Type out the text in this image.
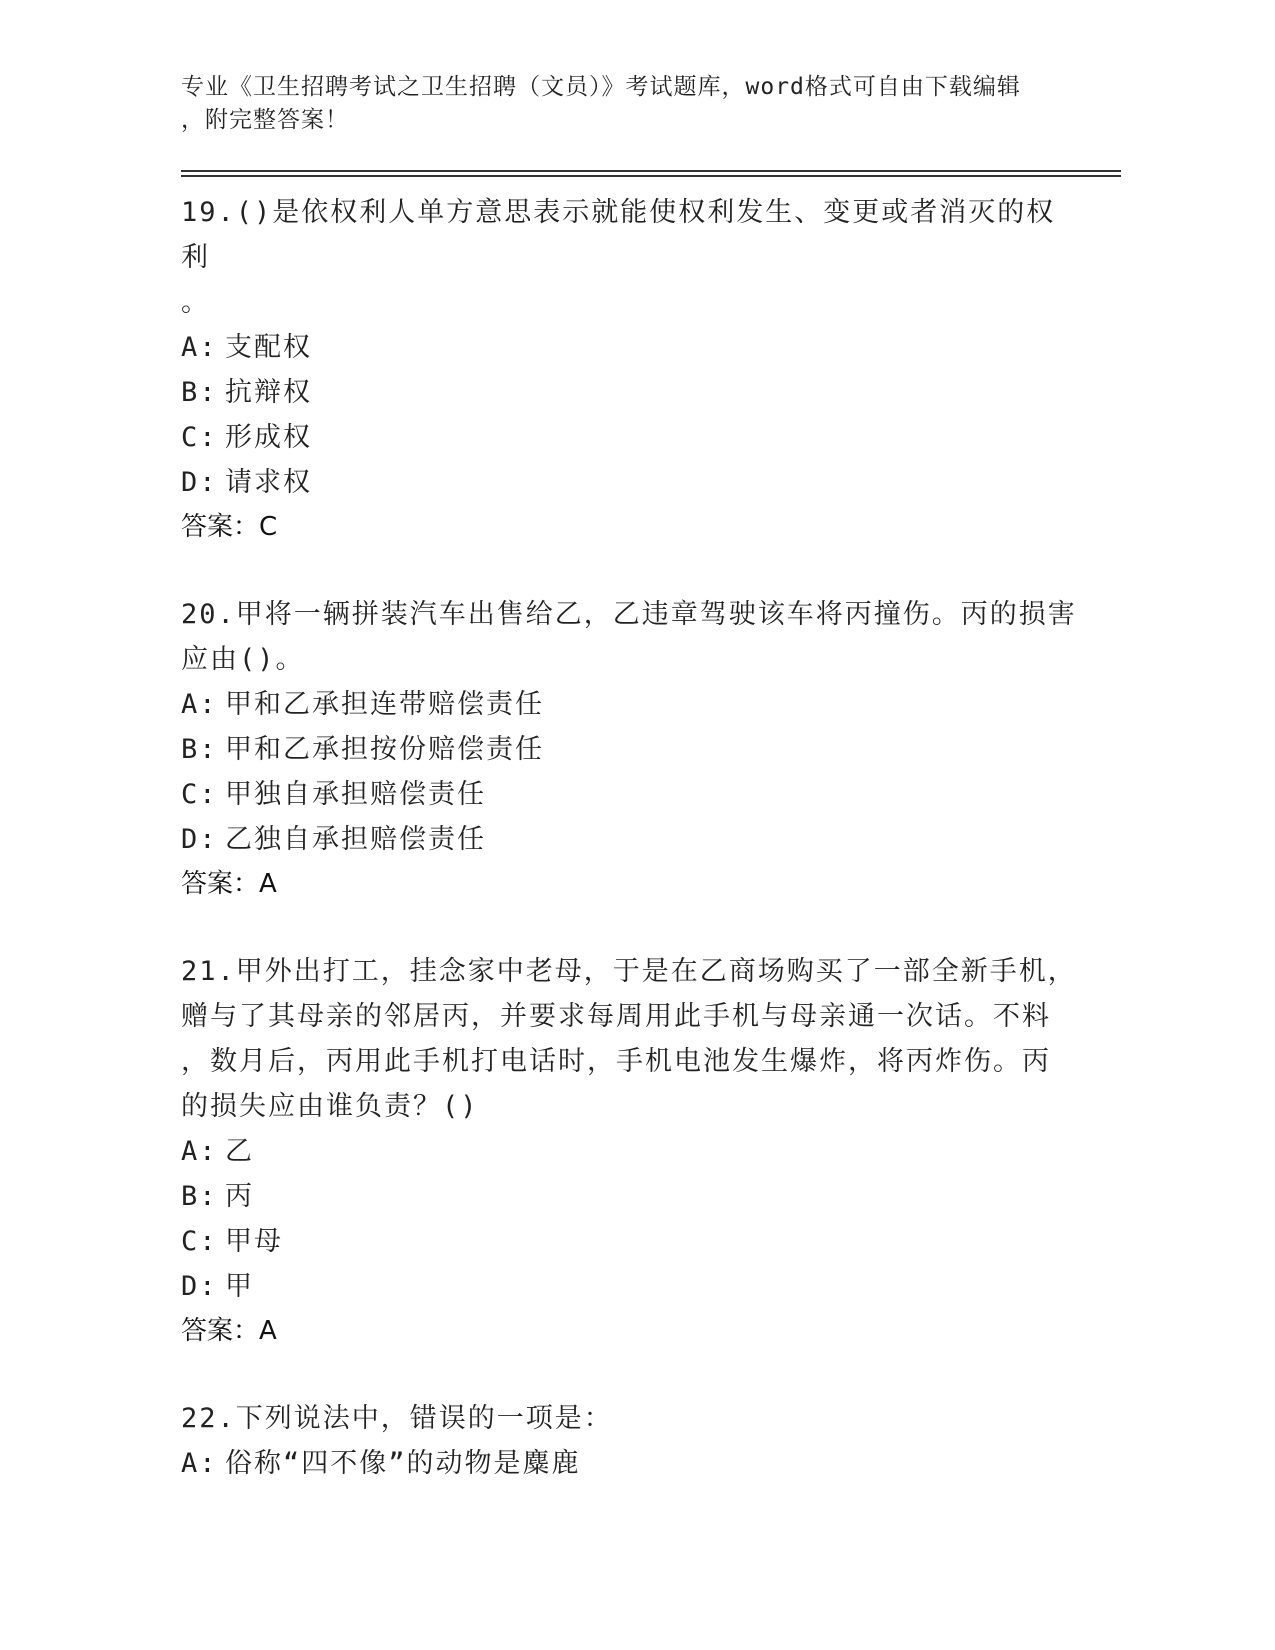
专业《卫生招聘考试之卫生招聘（文员）》考试题库，word格式可自由下载编辑
，附完整答案！

19.()是依权利人单方意思表示就能使权利发生、变更或者消灭的权利
。

A: 支配权

B: 抗辩权

C: 形成权

D: 请求权

答案：C

20.甲将一辆拼装汽车出售给乙，乙违章驾驶该车将丙撞伤。丙的损害
应由()。

A: 甲和乙承担连带赔偿责任

B: 甲和乙承担按份赔偿责任

C: 甲独自承担赔偿责任

D: 乙独自承担赔偿责任

答案：A

21.甲外出打工，挂念家中老母，于是在乙商场购买了一部全新手机，
赠与了其母亲的邻居丙，并要求每周用此手机与母亲通一次话。不料
，数月后，丙用此手机打电话时，手机电池发生爆炸，将丙炸伤。丙
的损失应由谁负责？()

A: 乙

B: 丙

C: 甲母

D: 甲

答案：A

22.下列说法中，错误的一项是：

A: 俗称“四不像”的动物是麋鹿
